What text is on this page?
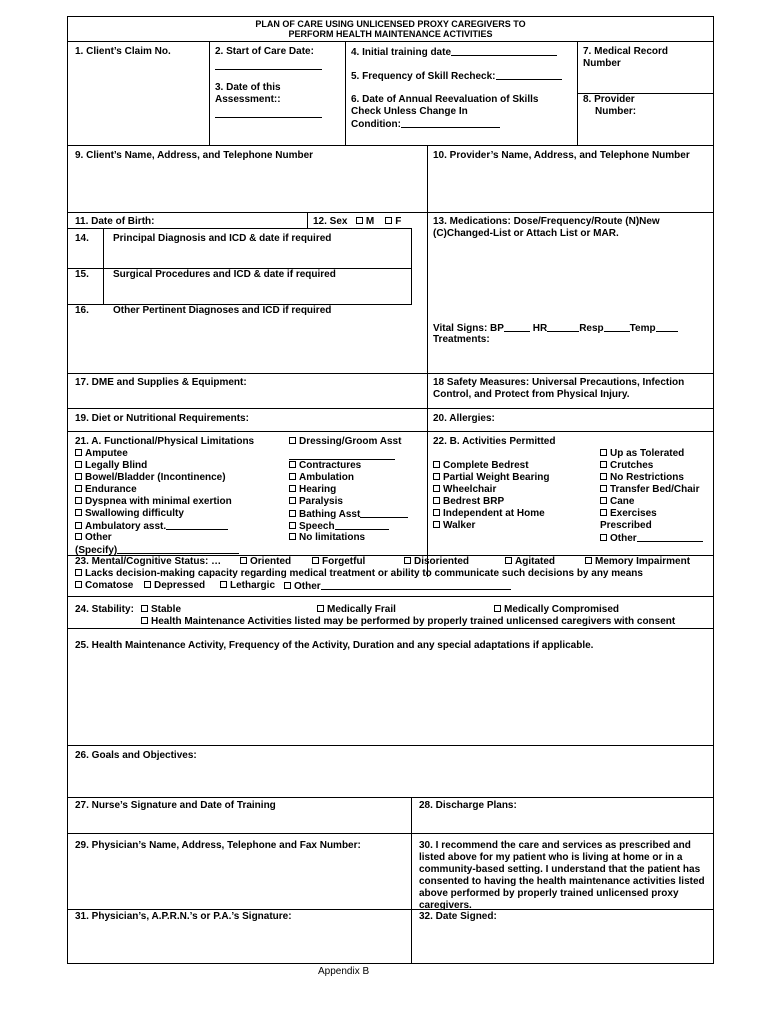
PLAN OF CARE USING UNLICENSED PROXY CAREGIVERS TO
PERFORM HEALTH MAINTENANCE ACTIVITIES
1. Client’s Claim No.	2. Start of Care Date:
3. Date of this
Assessment::
4. Initial training date
5. Frequency of Skill Recheck:
6. Date of Annual Reevaluation of Skills
Check Unless Change In
Condition:
7. Medical Record
Number
8. Provider
Number:
9. Client’s Name, Address, and Telephone Number	10. Provider’s Name, Address, and Telephone Number
11. Date of Birth:	12. Sex M F	13. Medications: Dose/Frequency/Route (N)New
(C)Changed-List or Attach List or MAR.
14. Principal Diagnosis and ICD & date if required
15. Surgical Procedures and ICD & date if required
16. Other Pertinent Diagnoses and ICD if required
Vital Signs: BP	HR	Resp	Temp
Treatments:
17. DME and Supplies & Equipment:	18 Safety Measures: Universal Precautions, Infection
Control, and Protect from Physical Injury.
19. Diet or Nutritional Requirements:	20. Allergies:
21. A. Functional/Physical Limitations	Dressing/Groom Asst
Amputee
Legally Blind
Bowel/Bladder (Incontinence)
Endurance
Dyspnea with minimal exertion
Swallowing difficulty
Ambulatory asst.
Other
(Specify)
Contractures
Ambulation
Hearing
Paralysis
Bathing Asst
Speech
No limitations
22. B. Activities Permitted
Complete Bedrest
Partial Weight Bearing
Wheelchair
Bedrest BRP
Independent at Home
Walker
Up as Tolerated
Crutches
No Restrictions
Transfer Bed/Chair
Cane
Exercises
Prescribed
Other
23. Mental/Cognitive Status: …	Oriented	Forgetful	Disoriented	Agitated	Memory Impairment
Lacks decision-making capacity regarding medical treatment or ability to communicate such decisions by any means
Comatose	Depressed	Lethargic	Other
24. Stability:	Stable	Medically Frail	Medically Compromised
Health Maintenance Activities listed may be performed by properly trained unlicensed caregivers with consent
25. Health Maintenance Activity, Frequency of the Activity, Duration and any special adaptations if applicable.
26. Goals and Objectives:
27. Nurse’s Signature and Date of Training	28. Discharge Plans:
29. Physician’s Name, Address, Telephone and Fax Number:	30. I recommend the care and services as prescribed and listed above for my patient who is living at home or in a community-based setting. I understand that the patient has consented to having the health maintenance activities listed above performed by properly trained unlicensed proxy caregivers.
31. Physician’s, A.P.R.N.’s or P.A.’s Signature:	32. Date Signed:
Appendix B
